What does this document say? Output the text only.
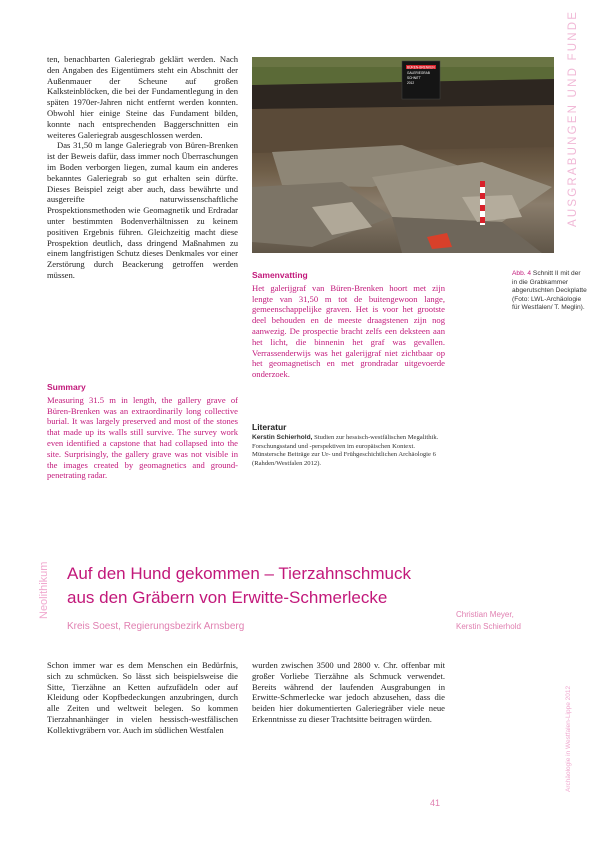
AUSGRABUNGEN UND FUNDE

ten, benachbarten Galeriegrab geklärt werden. Nach den Angaben des Eigentümers steht ein Abschnitt der Außenmauer der Scheune auf großen Kalksteinblöcken, die bei der Fundamentlegung in den späten 1970er-Jahren nicht entfernt werden konnten. Obwohl hier einige Steine das Fundament bilden, konnte nach entsprechenden Baggerschnitten ein weiteres Galeriegrab ausgeschlossen werden.

Das 31,50 m lange Galeriegrab von Büren-Brenken ist der Beweis dafür, dass immer noch Überraschungen im Boden verborgen liegen, zumal kaum ein anderes bekanntes Galeriegrab so gut erhalten sein dürfte. Dieses Beispiel zeigt aber auch, dass bewährte und ausgereifte naturwissenschaftliche Prospektionsmethoden wie Geomagnetik und Erdradar unter bestimmten Bodenverhältnissen zu keinem positiven Ergebnis führen. Gleichzeitig macht diese Prospektion deutlich, dass dringend Maßnahmen zu einem langfristigen Schutz dieses Denkmales vor einer Zerstörung durch Beackerung getroffen werden müssen.

Summary

Measuring 31.5 m in length, the gallery grave of Büren-Brenken was an extraordinarily long collective burial. It was largely preserved and most of the stones that made up its walls still survive. The survey work even identified a capstone that had collapsed into the site. Surprisingly, the gallery grave was not visible in the images created by geomagnetics and ground-penetrating radar.

BÜREN-BRENKEN
GALERIEGRAB
SCHNITT
2012
Abb. 4 Schnitt II mit der in die Grabkammer abgerutschten Deckplatte (Foto: LWL-Archäologie für Westfalen/ T. Meglin).
Samenvatting

Het galerijgraf van Büren-Brenken hoort met zijn lengte van 31,50 m tot de buitengewoon lange, gemeenschappelijke graven. Het is voor het grootste deel behouden en de meeste draagstenen zijn nog aanwezig. De prospectie bracht zelfs een deksteen aan het licht, die binnenin het graf was gevallen. Verrassenderwijs was het galerijgraf niet zichtbaar op het geomagnetisch en met grondradar uitgevoerde onderzoek.

Literatur
Kerstin Schierhold, Studien zur hessisch-westfälischen Megalithik. Forschungsstand und -perspektiven im europäischen Kontext. Münstersche Beiträge zur Ur- und Frühgeschichtlichen Archäologie 6 (Rahden/Westfalen 2012).
Neolithikum Auf den Hund gekommen – Tierzahnschmuck
aus den Gräbern von Erwitte-Schmerlecke
Kreis Soest, Regierungsbezirk Arnsberg
Christian Meyer,
Kerstin Schierhold

Schon immer war es dem Menschen ein Bedürfnis, sich zu schmücken. So lässt sich beispielsweise die Sitte, Tierzähne an Ketten aufzufädeln oder auf Kleidung oder Kopfbedeckungen anzubringen, durch alle Zeiten und weltweit belegen. So kommen Tierzahnanhänger in vielen hessisch-westfälischen Kollektivgräbern vor. Auch im südlichen Westfalen

wurden zwischen 3500 und 2800 v. Chr. offenbar mit großer Vorliebe Tierzähne als Schmuck verwendet. Bereits während der laufenden Ausgrabungen in Erwitte-Schmerlecke war jedoch abzusehen, dass die beiden hier dokumentierten Galeriegräber viele neue Erkenntnisse zu dieser Trachtsitte beitragen würden.

41
Archäologie in Westfalen-Lippe 2012
